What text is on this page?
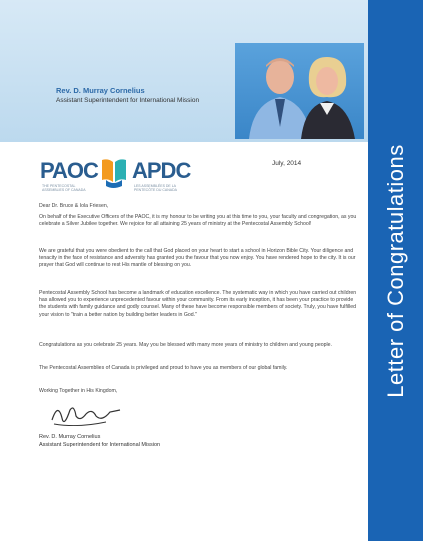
Rev. D. Murray Cornelius
Assistant Superintendent for International Mission
PAOC
THE PENTECOSTAL ASSEMBLIES OF CANADA
APDC
LES ASSEMBLÉES DE LA PENTECÔTE DU CANADA
July, 2014

Dear Dr. Bruce & Iola Friesen,

On behalf of the Executive Officers of the PAOC, it is my honour to be writing you at this time to you, your faculty and congregation, as you celebrate a Silver Jubilee together. We rejoice for all attaining 25 years of ministry at the Pentecostal Assembly School!

We are grateful that you were obedient to the call that God placed on your heart to start a school in Horizon Bible City. Your diligence and tenacity in the face of resistance and adversity has granted you the favour that you now enjoy. You have rendered hope to the city. It is our prayer that God will continue to rest His mantle of blessing on you.

Pentecostal Assembly School has become a landmark of education excellence. The systematic way in which you have carried out children has allowed you to experience unprecedented favour within your community. From its early inception, it has been your practice to provide the students with family guidance and godly counsel. Many of these have become responsible members of society. Truly, you have fulfilled your vision to "train a better nation by building better leaders in God."

Congratulations as you celebrate 25 years. May you be blessed with many more years of ministry to children and young people.

The Pentecostal Assemblies of Canada is privileged and proud to have you as members of our global family.

Working Together in His Kingdom,

Rev. D. Murray Cornelius
Assistant Superintendent for International Mission
Letter of Congratulations
